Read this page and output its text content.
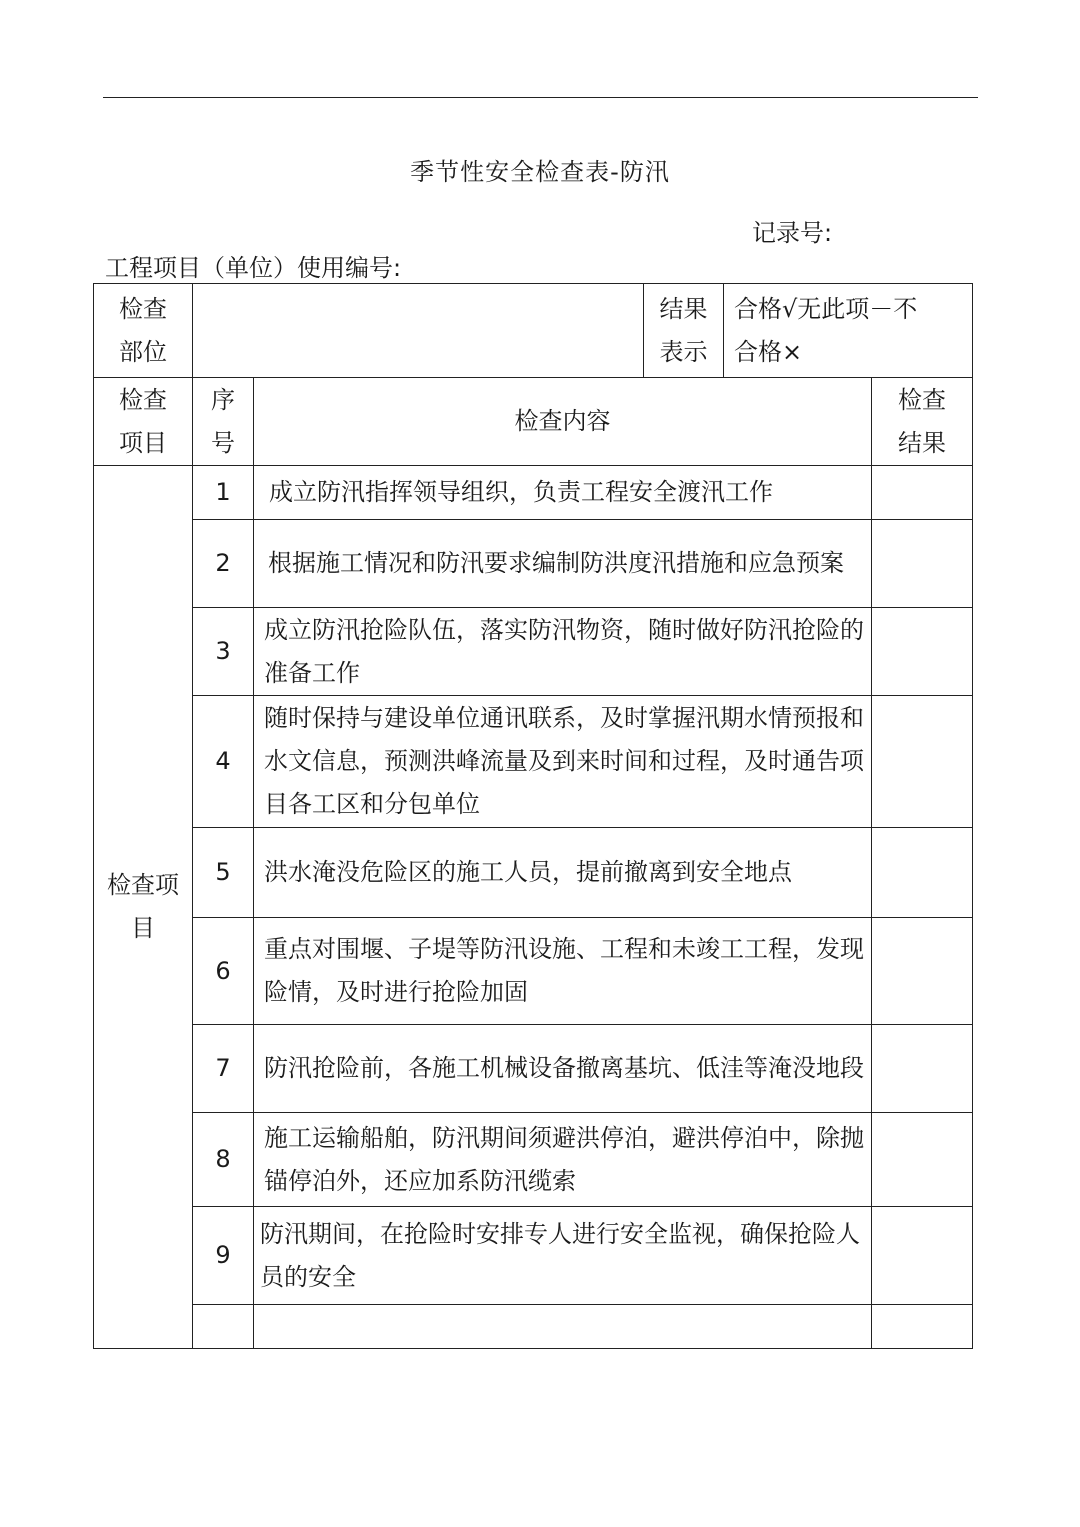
季节性安全检查表-防汛
记录号:
工程项目（单位）使用编号:
检查部位			结果表示	合格√无此项－不合格×	

检查项目	序号	检查内容			检查结果

检查项目	1	成立防汛指挥领导组织，负责工程安全渡汛工作			
	2	根据施工情况和防汛要求编制防洪度汛措施和应急预案			

	3	成立防汛抢险队伍，落实防汛物资，随时做好防汛抢险的准备工作			
	4	随时保持与建设单位通讯联系，及时掌握汛期水情预报和水文信息，预测洪峰流量及到来时间和过程，及时通告项目各工区和分包单位			
	5	洪水淹没危险区的施工人员，提前撤离到安全地点			
	6	重点对围堰、子堤等防汛设施、工程和未竣工工程，发现险情，及时进行抢险加固			
	7	防汛抢险前，各施工机械设备撤离基坑、低洼等淹没地段			
	8	施工运输船舶，防汛期间须避洪停泊，避洪停泊中，除抛锚停泊外，还应加系防汛缆索			
	9	防汛期间，在抢险时安排专人进行安全监视，确保抢险人员的安全			
